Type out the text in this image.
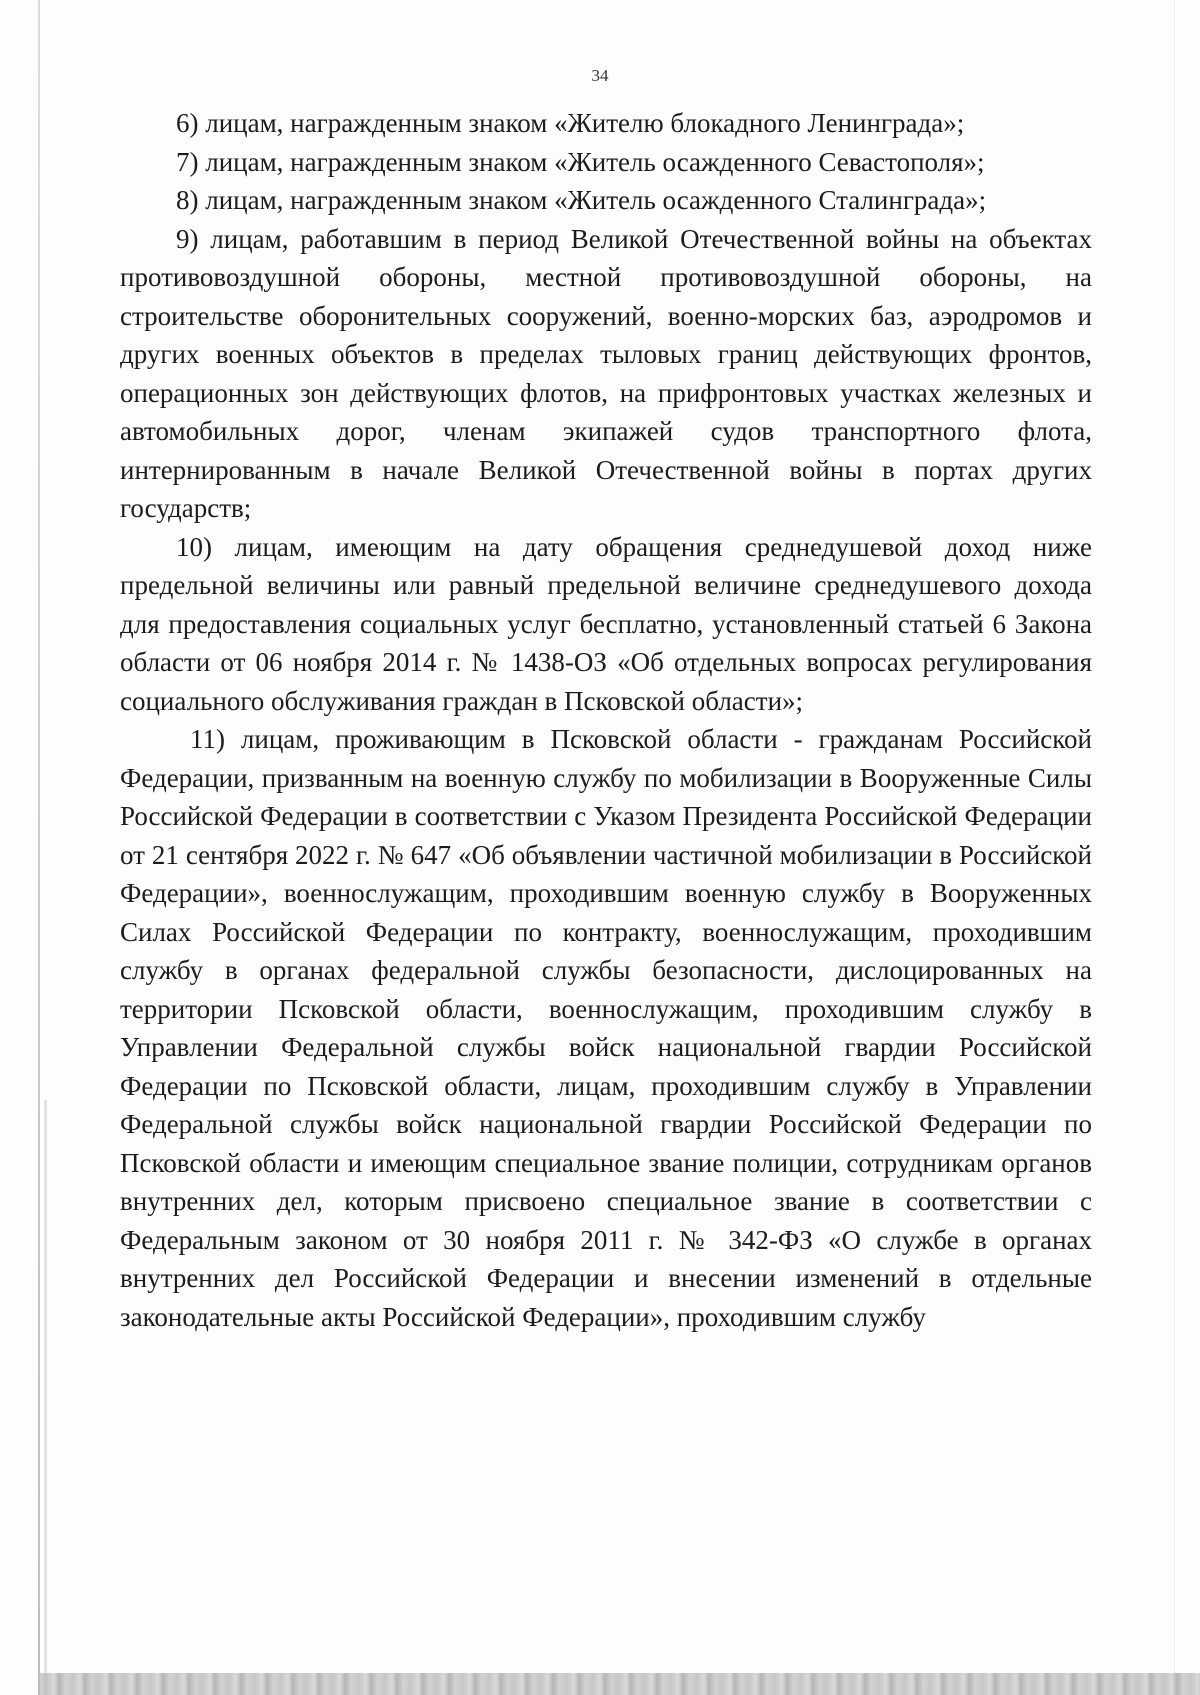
34

6) лицам, награжденным знаком «Жителю блокадного Ленинграда»;

7) лицам, награжденным знаком «Житель осажденного Севастополя»;

8) лицам, награжденным знаком «Житель осажденного Сталинграда»;

9) лицам, работавшим в период Великой Отечественной войны на объектах противовоздушной обороны, местной противовоздушной обороны, на строительстве оборонительных сооружений, военно-морских баз, аэродромов и других военных объектов в пределах тыловых границ действующих фронтов, операционных зон действующих флотов, на прифронтовых участках железных и автомобильных дорог, членам экипажей судов транспортного флота, интернированным в начале Великой Отечественной войны в портах других государств;

10) лицам, имеющим на дату обращения среднедушевой доход ниже предельной величины или равный предельной величине среднедушевого дохода для предоставления социальных услуг бесплатно, установленный статьей 6 Закона области от 06 ноября 2014 г. № 1438-ОЗ «Об отдельных вопросах регулирования социального обслуживания граждан в Псковской области»;

11) лицам, проживающим в Псковской области - гражданам Российской Федерации, призванным на военную службу по мобилизации в Вооруженные Силы Российской Федерации в соответствии с Указом Президента Российской Федерации от 21 сентября 2022 г. № 647 «Об объявлении частичной мобилизации в Российской Федерации», военнослужащим, проходившим военную службу в Вооруженных Силах Российской Федерации по контракту, военнослужащим, проходившим службу в органах федеральной службы безопасности, дислоцированных на территории Псковской области, военнослужащим, проходившим службу в Управлении Федеральной службы войск национальной гвардии Российской Федерации по Псковской области, лицам, проходившим службу в Управлении Федеральной службы войск национальной гвардии Российской Федерации по Псковской области и имеющим специальное звание полиции, сотрудникам органов внутренних дел, которым присвоено специальное звание в соответствии с Федеральным законом от 30 ноября 2011 г. № 342-ФЗ «О службе в органах внутренних дел Российской Федерации и внесении изменений в отдельные законодательные акты Российской Федерации», проходившим службу
